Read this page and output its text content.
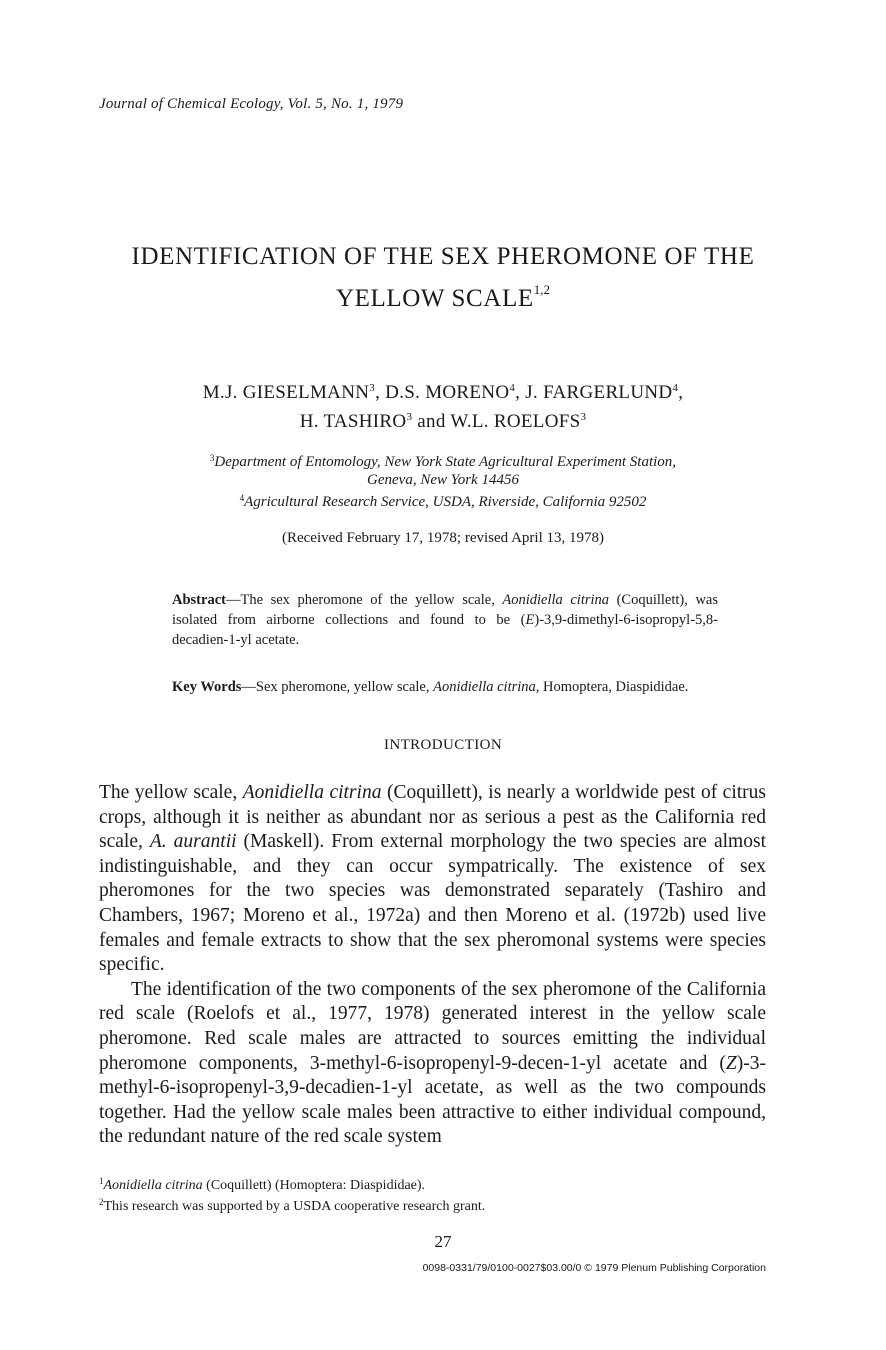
Journal of Chemical Ecology, Vol. 5, No. 1, 1979
IDENTIFICATION OF THE SEX PHEROMONE OF THE
YELLOW SCALE$^{1,2}$
M.J. GIESELMANN$^3$, D.S. MORENO$^4$, J. FARGERLUND$^4$,
H. TASHIRO$^3$ and W.L. ROELOFS$^3$
$^3$Department of Entomology, New York State Agricultural Experiment Station,
Geneva, New York 14456
$^4$Agricultural Research Service, USDA, Riverside, California 92502
(Received February 17, 1978; revised April 13, 1978)
Abstract—The sex pheromone of the yellow scale, Aonidiella citrina (Coquillett), was isolated from airborne collections and found to be (E)-3,9-dimethyl-6-isopropyl-5,8-decadien-1-yl acetate.
Key Words—Sex pheromone, yellow scale, Aonidiella citrina, Homoptera, Diaspididae.
INTRODUCTION

The yellow scale, Aonidiella citrina (Coquillett), is nearly a worldwide pest of citrus crops, although it is neither as abundant nor as serious a pest as the California red scale, A. aurantii (Maskell). From external morphology the two species are almost indistinguishable, and they can occur sympatrically. The existence of sex pheromones for the two species was demonstrated separately (Tashiro and Chambers, 1967; Moreno et al., 1972a) and then Moreno et al. (1972b) used live females and female extracts to show that the sex pheromonal systems were species specific.

The identification of the two components of the sex pheromone of the California red scale (Roelofs et al., 1977, 1978) generated interest in the yellow scale pheromone. Red scale males are attracted to sources emitting the individual pheromone components, 3-methyl-6-isopropenyl-9-decen-1-yl acetate and (Z)-3-methyl-6-isopropenyl-3,9-decadien-1-yl acetate, as well as the two compounds together. Had the yellow scale males been attractive to either individual compound, the redundant nature of the red scale system

$^1$Aonidiella citrina (Coquillett) (Homoptera: Diaspididae).
$^2$This research was supported by a USDA cooperative research grant.
27
0098-0331/79/0100-0027$03.00/0 © 1979 Plenum Publishing Corporation
